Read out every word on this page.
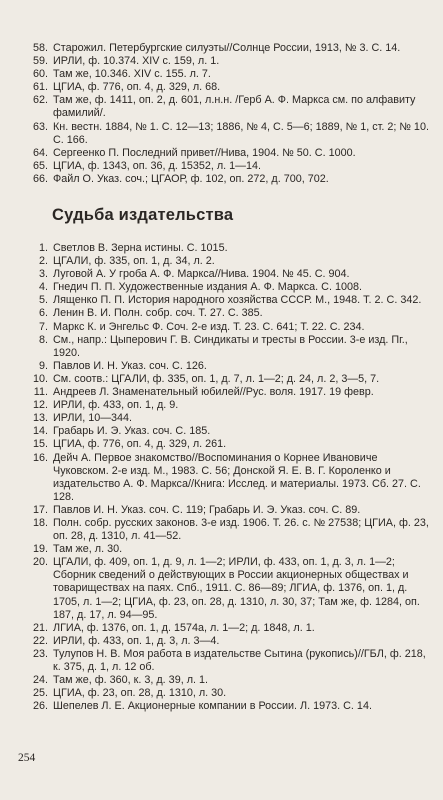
58. Старожил. Петербургские силуэты//Солнце России, 1913, № 3. С. 14.
59. ИРЛИ, ф. 10.374. XIV с. 159, л. 1.
60. Там же, 10.346. XIV с. 155. л. 7.
61. ЦГИА, ф. 776, оп. 4, д. 329, л. 68.
62. Там же, ф. 1411, оп. 2, д. 601, л.н.н. /Герб А. Ф. Маркса см. по алфавиту фамилий/.
63. Кн. вестн. 1884, № 1. С. 12—13; 1886, № 4, С. 5—6; 1889, № 1, ст. 2; № 10. С. 166.
64. Сергеенко П. Последний привет//Нива, 1904. № 50. С. 1000.
65. ЦГИА, ф. 1343, оп. 36, д. 15352, л. 1—14.
66. Файл О. Указ. соч.; ЦГАОР, ф. 102, оп. 272, д. 700, 702.
Судьба издательства
1. Светлов В. Зерна истины. С. 1015.
2. ЦГАЛИ, ф. 335, оп. 1, д. 34, л. 2.
3. Луговой А. У гроба А. Ф. Маркса//Нива. 1904. № 45. С. 904.
4. Гнедич П. П. Художественные издания А. Ф. Маркса. С. 1008.
5. Лященко П. П. История народного хозяйства СССР. М., 1948. Т. 2. С. 342.
6. Ленин В. И. Полн. собр. соч. Т. 27. С. 385.
7. Маркс К. и Энгельс Ф. Соч. 2-е изд. Т. 23. С. 641; Т. 22. С. 234.
8. См., напр.: Цыперович Г. В. Синдикаты и тресты в России. 3-е изд. Пг., 1920.
9. Павлов И. Н. Указ. соч. С. 126.
10. См. соотв.: ЦГАЛИ, ф. 335, оп. 1, д. 7, л. 1—2; д. 24, л. 2, 3—5, 7.
11. Андреев Л. Знаменательный юбилей//Рус. воля. 1917. 19 февр.
12. ИРЛИ, ф. 433, оп. 1, д. 9.
13. ИРЛИ, 10—344.
14. Грабарь И. Э. Указ. соч. С. 185.
15. ЦГИА, ф. 776, оп. 4, д. 329, л. 261.
16. Дейч А. Первое знакомство//Воспоминания о Корнее Ивановиче Чуковском. 2-е изд. М., 1983. С. 56; Донской Я. Е. В. Г. Короленко и издательство А. Ф. Маркса//Книга: Исслед. и материалы. 1973. Сб. 27. С. 128.
17. Павлов И. Н. Указ. соч. С. 119; Грабарь И. Э. Указ. соч. С. 89.
18. Полн. собр. русских законов. 3-е изд. 1906. Т. 26. с. № 27538; ЦГИА, ф. 23, оп. 28, д. 1310, л. 41—52.
19. Там же, л. 30.
20. ЦГАЛИ, ф. 409, оп. 1, д. 9, л. 1—2; ИРЛИ, ф. 433, оп. 1, д. 3, л. 1—2; Сборник сведений о действующих в России акционерных обществах и товариществах на паях. Спб., 1911. С. 86—89; ЛГИА, ф. 1376, оп. 1, д. 1705, л. 1—2; ЦГИА, ф. 23, оп. 28, д. 1310, л. 30, 37; Там же, ф. 1284, оп. 187, д. 17, л. 94—95.
21. ЛГИА, ф. 1376, оп. 1, д. 1574а, л. 1—2; д. 1848, л. 1.
22. ИРЛИ, ф. 433, оп. 1, д. 3, л. 3—4.
23. Тулупов Н. В. Моя работа в издательстве Сытина (рукопись)//ГБЛ, ф. 218, к. 375, д. 1, л. 12 об.
24. Там же, ф. 360, к. 3, д. 39, л. 1.
25. ЦГИА, ф. 23, оп. 28, д. 1310, л. 30.
26. Шепелев Л. Е. Акционерные компании в России. Л. 1973. С. 14.
254
